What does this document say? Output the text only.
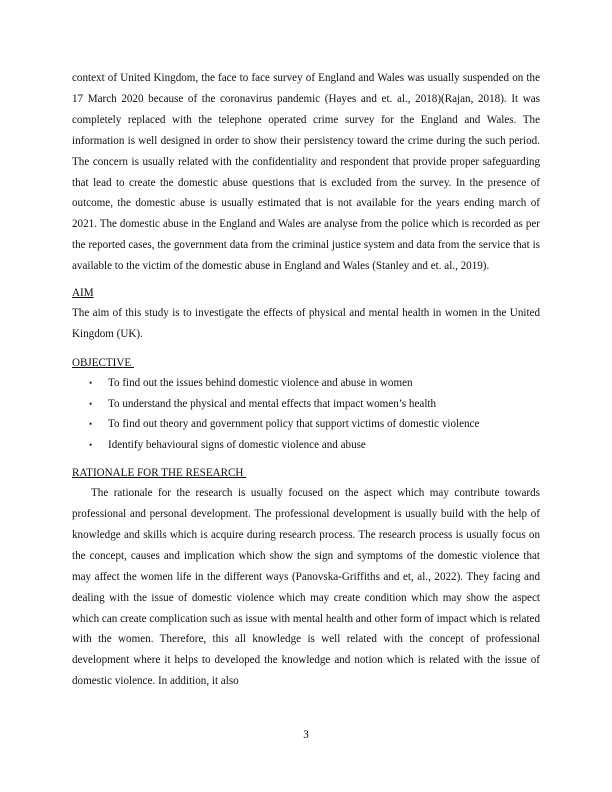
context of United Kingdom, the face to face survey of England and Wales was usually suspended on the 17 March 2020 because of the coronavirus pandemic (Hayes and et. al., 2018)(Rajan, 2018). It was completely replaced with the telephone operated crime survey for the England and Wales. The information is well designed in order to show their persistency toward the crime during the such period. The concern is usually related with the confidentiality and respondent that provide proper safeguarding that lead to create the domestic abuse questions that is excluded from the survey. In the presence of outcome, the domestic abuse is usually estimated that is not available for the years ending march of 2021. The domestic abuse in the England and Wales are analyse from the police which is recorded as per the reported cases, the government data from the criminal justice system and data from the service that is available to the victim of the domestic abuse in England and Wales (Stanley and et. al., 2019).

AIM

The aim of this study is to investigate the effects of physical and mental health in women in the United Kingdom (UK).

OBJECTIVE

• To find out the issues behind domestic violence and abuse in women
• To understand the physical and mental effects that impact women’s health
• To find out theory and government policy that support victims of domestic violence
• Identify behavioural signs of domestic violence and abuse

RATIONALE FOR THE RESEARCH

The rationale for the research is usually focused on the aspect which may contribute towards professional and personal development. The professional development is usually build with the help of knowledge and skills which is acquire during research process. The research process is usually focus on the concept, causes and implication which show the sign and symptoms of the domestic violence that may affect the women life in the different ways (Panovska-Griffiths and et, al., 2022). They facing and dealing with the issue of domestic violence which may create condition which may show the aspect which can create complication such as issue with mental health and other form of impact which is related with the women. Therefore, this all knowledge is well related with the concept of professional development where it helps to developed the knowledge and notion which is related with the issue of domestic violence. In addition, it also

3
